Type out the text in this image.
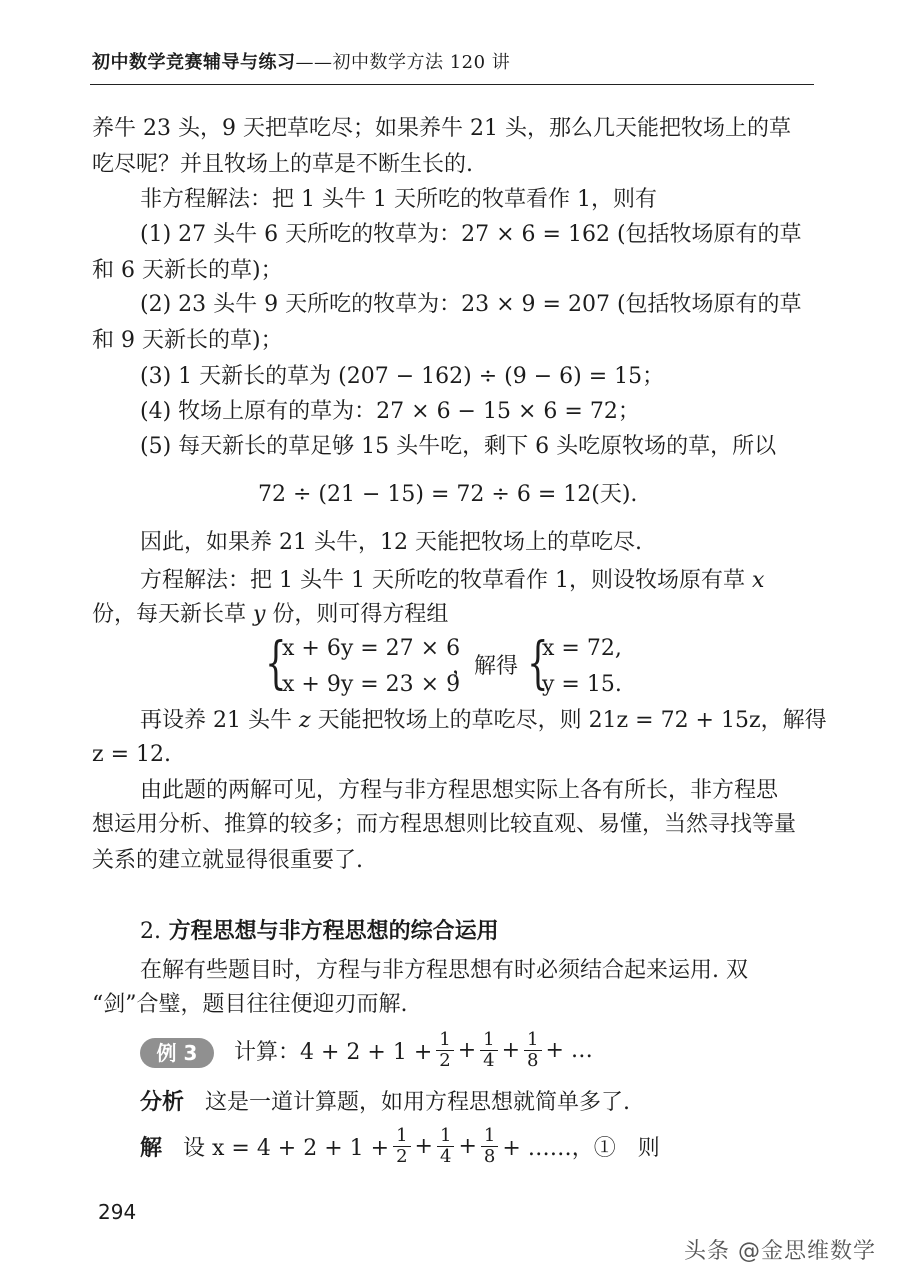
初中数学竞赛辅导与练习——初中数学方法 120 讲
养牛 23 头，9 天把草吃尽；如果养牛 21 头，那么几天能把牧场上的草
吃尽呢？并且牧场上的草是不断生长的.
非方程解法：把 1 头牛 1 天所吃的牧草看作 1，则有
(1) 27 头牛 6 天所吃的牧草为：27 × 6 = 162 (包括牧场原有的草
和 6 天新长的草)；
(2) 23 头牛 9 天所吃的牧草为：23 × 9 = 207 (包括牧场原有的草
和 9 天新长的草)；
(3) 1 天新长的草为 (207 − 162) ÷ (9 − 6) = 15；
(4) 牧场上原有的草为：27 × 6 − 15 × 6 = 72；
(5) 每天新长的草足够 15 头牛吃，剩下 6 头吃原牧场的草，所以
72 ÷ (21 − 15) = 72 ÷ 6 = 12(天).
因此，如果养 21 头牛，12 天能把牧场上的草吃尽.
方程解法：把 1 头牛 1 天所吃的牧草看作 1，则设牧场原有草 x
份，每天新长草 y 份，则可得方程组
{
x + 6y = 27 × 6
x + 9y = 23 × 9
，解得 {
x = 72,
y = 15.
再设养 21 头牛 z 天能把牧场上的草吃尽，则 21z = 72 + 15z，解得
z = 12.
由此题的两解可见，方程与非方程思想实际上各有所长，非方程思
想运用分析、推算的较多；而方程思想则比较直观、易懂，当然寻找等量
关系的建立就显得很重要了.
2. 方程思想与非方程思想的综合运用
在解有些题目时，方程与非方程思想有时必须结合起来运用. 双
“剑”合璧，题目往往便迎刃而解.
例 3	计算：$4 + 2 + 1 + \frac{1}{2} + \frac{1}{4} + \frac{1}{8}$ + …
分析 这是一道计算题，如用方程思想就简单多了.
解
设 $x = 4 + 2 + 1 + \frac{1}{2} + \frac{1}{4} + \frac{1}{8}$ + ……，①　则
294
头条 @金思维数学
